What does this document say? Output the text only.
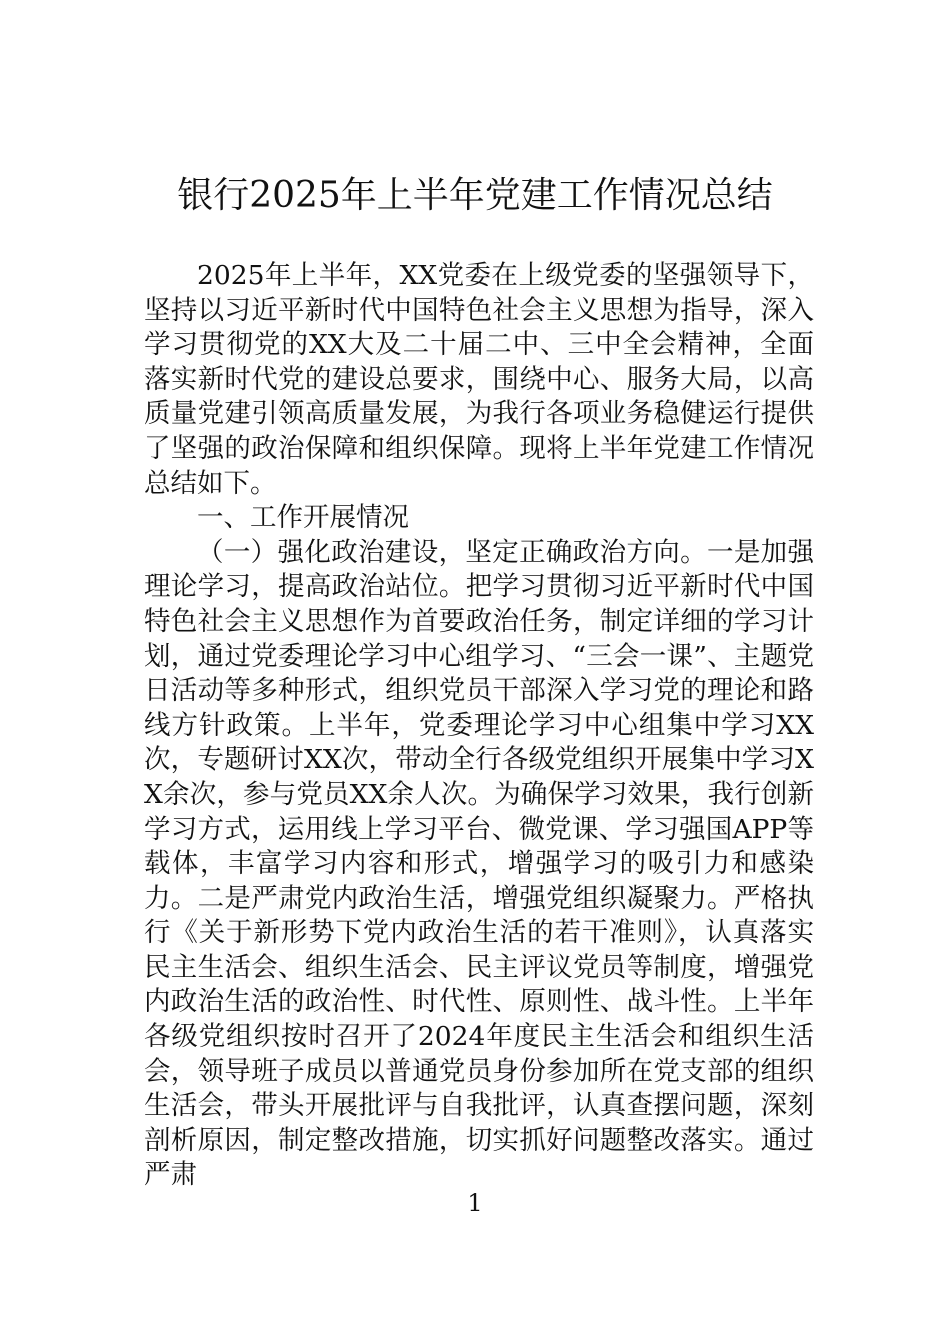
银行2025年上半年党建工作情况总结

2025年上半年，XX党委在上级党委的坚强领导下，坚持以习近平新时代中国特色社会主义思想为指导，深入学习贯彻党的XX大及二十届二中、三中全会精神，全面落实新时代党的建设总要求，围绕中心、服务大局，以高质量党建引领高质量发展，为我行各项业务稳健运行提供了坚强的政治保障和组织保障。现将上半年党建工作情况总结如下。

一、工作开展情况

（一）强化政治建设，坚定正确政治方向。一是加强理论学习，提高政治站位。把学习贯彻习近平新时代中国特色社会主义思想作为首要政治任务，制定详细的学习计划，通过党委理论学习中心组学习、“三会一课”、主题党日活动等多种形式，组织党员干部深入学习党的理论和路线方针政策。上半年，党委理论学习中心组集中学习XX次，专题研讨XX次，带动全行各级党组织开展集中学习XX余次，参与党员XX余人次。为确保学习效果，我行创新学习方式，运用线上学习平台、微党课、学习强国APP等载体，丰富学习内容和形式，增强学习的吸引力和感染力。二是严肃党内政治生活，增强党组织凝聚力。严格执行《关于新形势下党内政治生活的若干准则》，认真落实民主生活会、组织生活会、民主评议党员等制度，增强党内政治生活的政治性、时代性、原则性、战斗性。上半年各级党组织按时召开了2024年度民主生活会和组织生活会，领导班子成员以普通党员身份参加所在党支部的组织生活会，带头开展批评与自我批评，认真查摆问题，深刻剖析原因，制定整改措施，切实抓好问题整改落实。通过严肃

1
